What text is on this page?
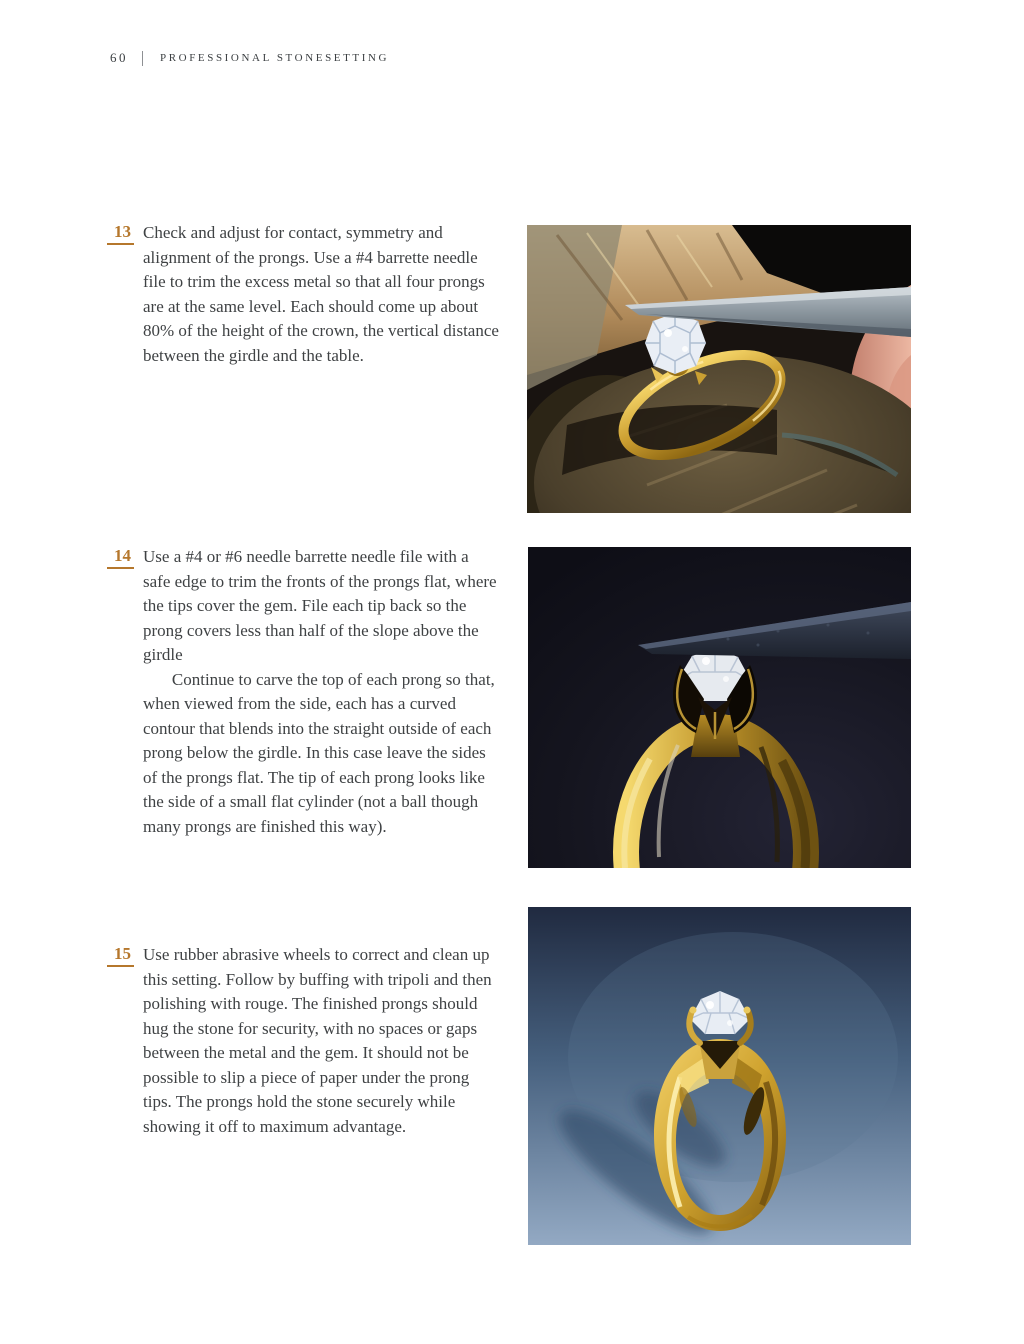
60	PROFESSIONAL STONESETTING
13 Check and adjust for contact, symmetry and alignment of the prongs. Use a #4 barrette needle file to trim the excess metal so that all four prongs are at the same level. Each should come up about 80% of the height of the crown, the vertical distance between the girdle and the table.

14 Use a #4 or #6 needle barrette needle file with a safe edge to trim the fronts of the prongs flat, where the tips cover the gem. File each tip back so the prong covers less than half of the slope above the girdle

Continue to carve the top of each prong so that, when viewed from the side, each has a curved contour that blends into the straight outside of each prong below the girdle. In this case leave the sides of the prongs flat. The tip of each prong looks like the side of a small flat cylinder (not a ball though many prongs are finished this way).

15 Use rubber abrasive wheels to correct and clean up this setting. Follow by buffing with tripoli and then polishing with rouge. The finished prongs should hug the stone for security, with no spaces or gaps between the metal and the gem. It should not be possible to slip a piece of paper under the prong tips. The prongs hold the stone securely while showing it off to maximum advantage.
